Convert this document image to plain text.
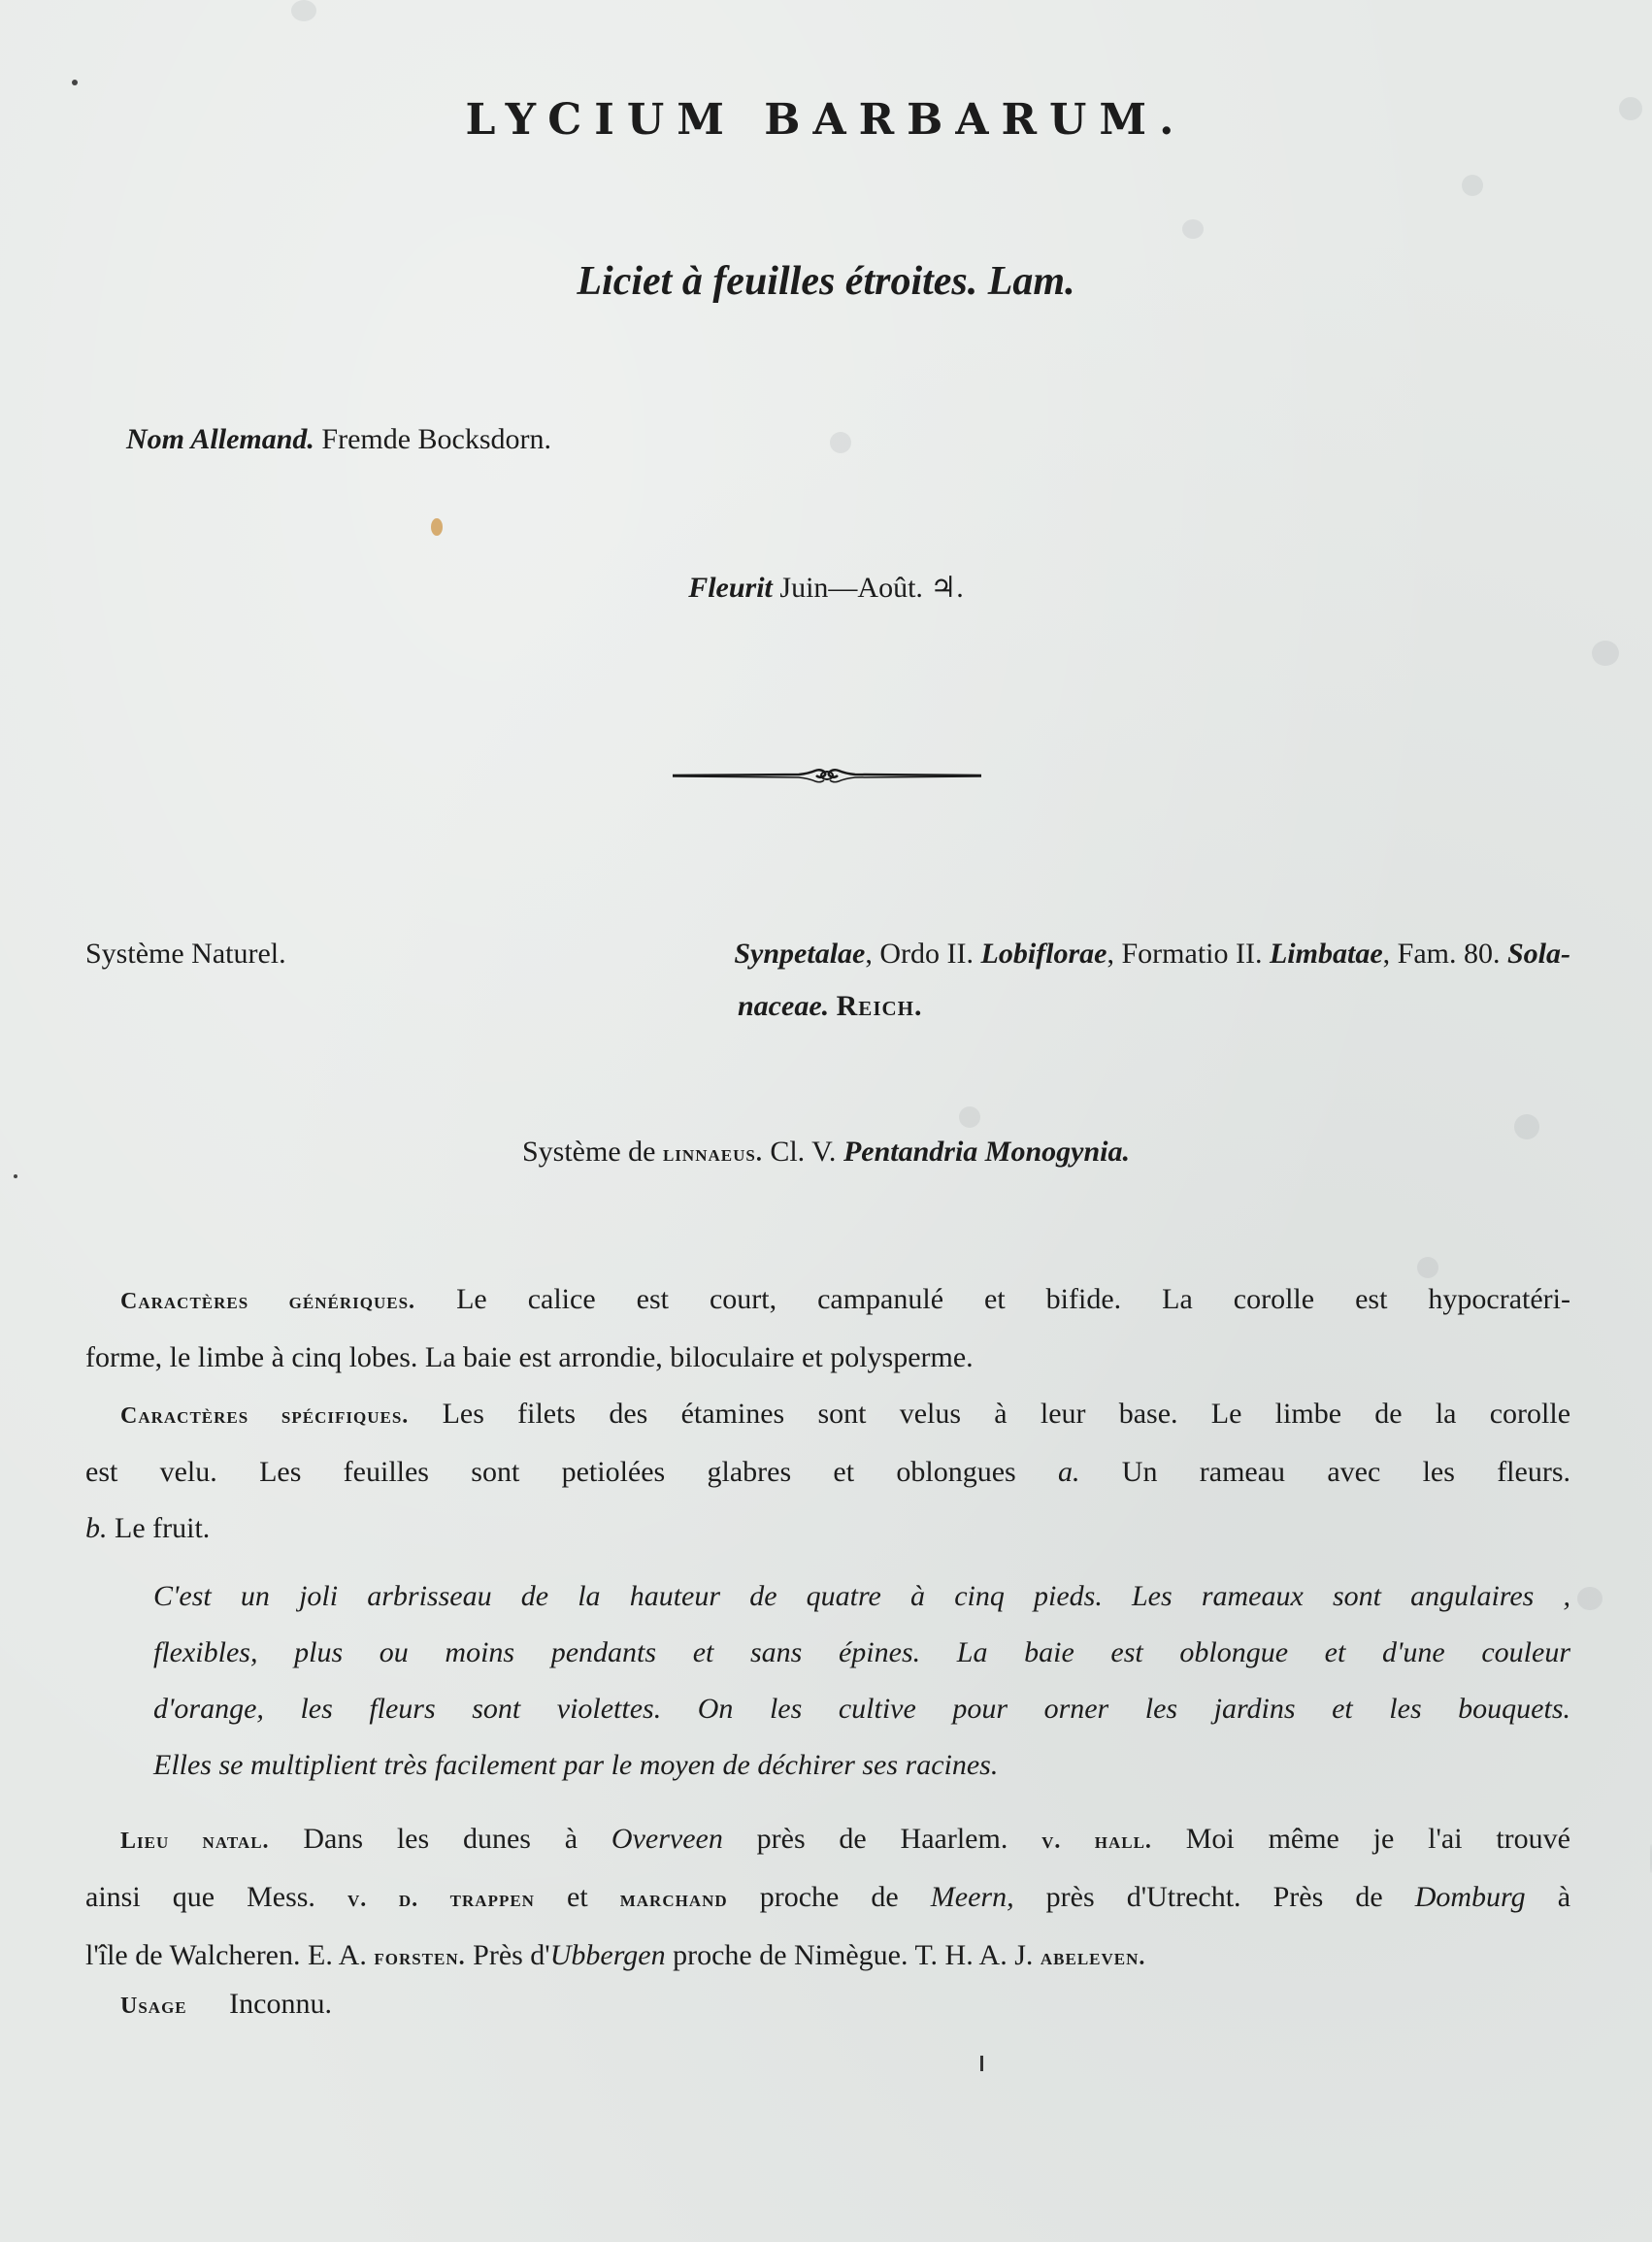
LYCIUM BARBARUM.
Liciet à feuilles étroites. Lam.
Nom Allemand. Fremde Bocksdorn.
Fleurit Juin—Août. ♃.
Système Naturel.	Synpetalae, Ordo II. Lobiflorae, Formatio II. Limbatae, Fam. 80. Sola-
naceae. Reich.
Système de linnaeus. Cl. V. Pentandria Monogynia.
Caractères génériques. Le calice est court, campanulé et bifide. La corolle est hypocratéri-
forme, le limbe à cinq lobes. La baie est arrondie, biloculaire et polysperme.
Caractères spécifiques. Les filets des étamines sont velus à leur base. Le limbe de la corolle
est velu. Les feuilles sont petiolées glabres et oblongues a. Un rameau avec les fleurs.
b. Le fruit.
C'est un joli arbrisseau de la hauteur de quatre à cinq pieds. Les rameaux sont angulaires ,
flexibles, plus ou moins pendants et sans épines. La baie est oblongue et d'une couleur
d'orange, les fleurs sont violettes. On les cultive pour orner les jardins et les bouquets.
Elles se multiplient très facilement par le moyen de déchirer ses racines.
Lieu natal. Dans les dunes à Overveen près de Haarlem. v. hall. Moi même je l'ai trouvé
ainsi que Mess. v. d. trappen et marchand proche de Meern, près d'Utrecht. Près de Domburg à
l'île de Walcheren. E. A. forsten. Près d'Ubbergen proche de Nimègue. T. H. A. J. abeleven.
Usage Inconnu.
